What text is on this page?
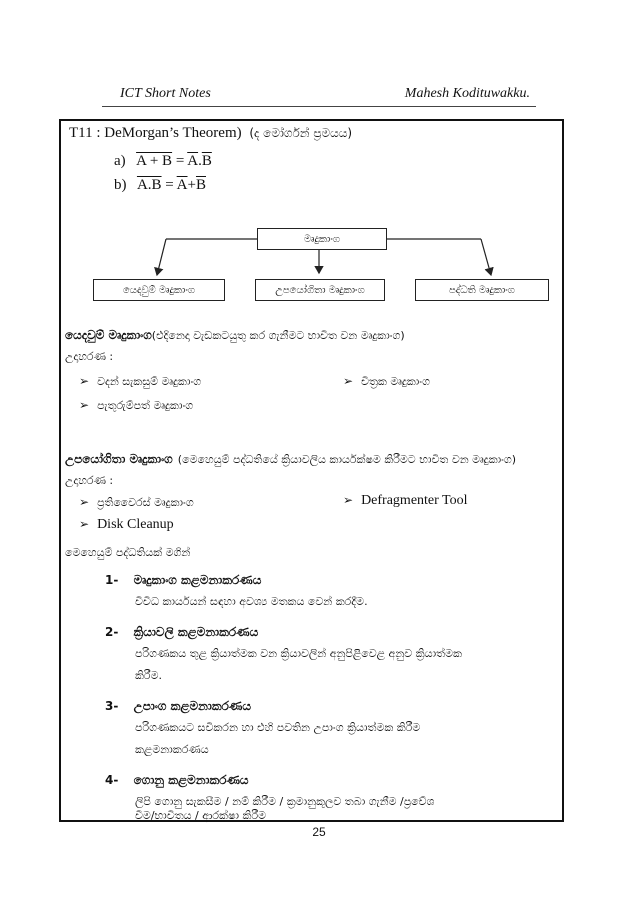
ICT Short Notes	Mahesh Kodituwakku.
T11 : DeMorgan’s Theorem) (ද මෝර්ගන් ප්‍රමයය)
a) $A + B = \overline{A}.\overline{B}$
b) $A.B = \overline{A}+\overline{B}$
මෘදුකාංග
යෙදවුම් මෘදුකාංග	උපයෝගිතා මෘදුකාංග	පද්ධති මෘදුකාංග
යෙදවුම් මෘදුකාංග(එදිනෙදා වැඩකටයුතු කර ගැනීමට භාවිත වන මෘදුකාංග)
උදාහරණ :
➢ වදන් සැකසුම් මෘදුකාංග	➢ චිත්‍රක මෘදුකාංග
➢ පැතුරුම්පත් මෘදුකාංග
උපයෝගිතා මෘදුකාංග (මෙහෙයුම් පද්ධතියේ ක්‍රියාවලිය කාර්යක්ෂම කිරීමට භාවිත වන මෘදුකාංග)
උදාහරණ :
➢ ප්‍රතිවෛරස් මෘදුකාංග	➢ Defragmenter Tool
➢ Disk Cleanup
මෙහෙයුම් පද්ධතියක් මගින්
1- මෘදුකාංග කළමනාකරණය
විවිධ කාර්යයන් සඳහා අවශ්‍ය මතකය වෙන් කරදීම.
2- ක්‍රියාවලි කළමනාකරණය
පරිගණකය තුළ ක්‍රියාත්මක වන ක්‍රියාවලින් අනුපිළිවෙළ අනුව ක්‍රියාත්මක
කිරීම.
3- උපාංග කළමනාකරණය
පරිගණකයට සවිකරන හා එහි පවතින උපාංග ක්‍රියාත්මක කිරීම
කළමනාකරණය
4- ගොනු කළමනාකරණය
ලිපි ගොනු සැකසීම / නම් කිරීම / ක්‍රමානුකූලව තබා ගැනීම /ප්‍රවේශ
වීම/භාවිතය / ආරක්ෂා කිරීම
25
